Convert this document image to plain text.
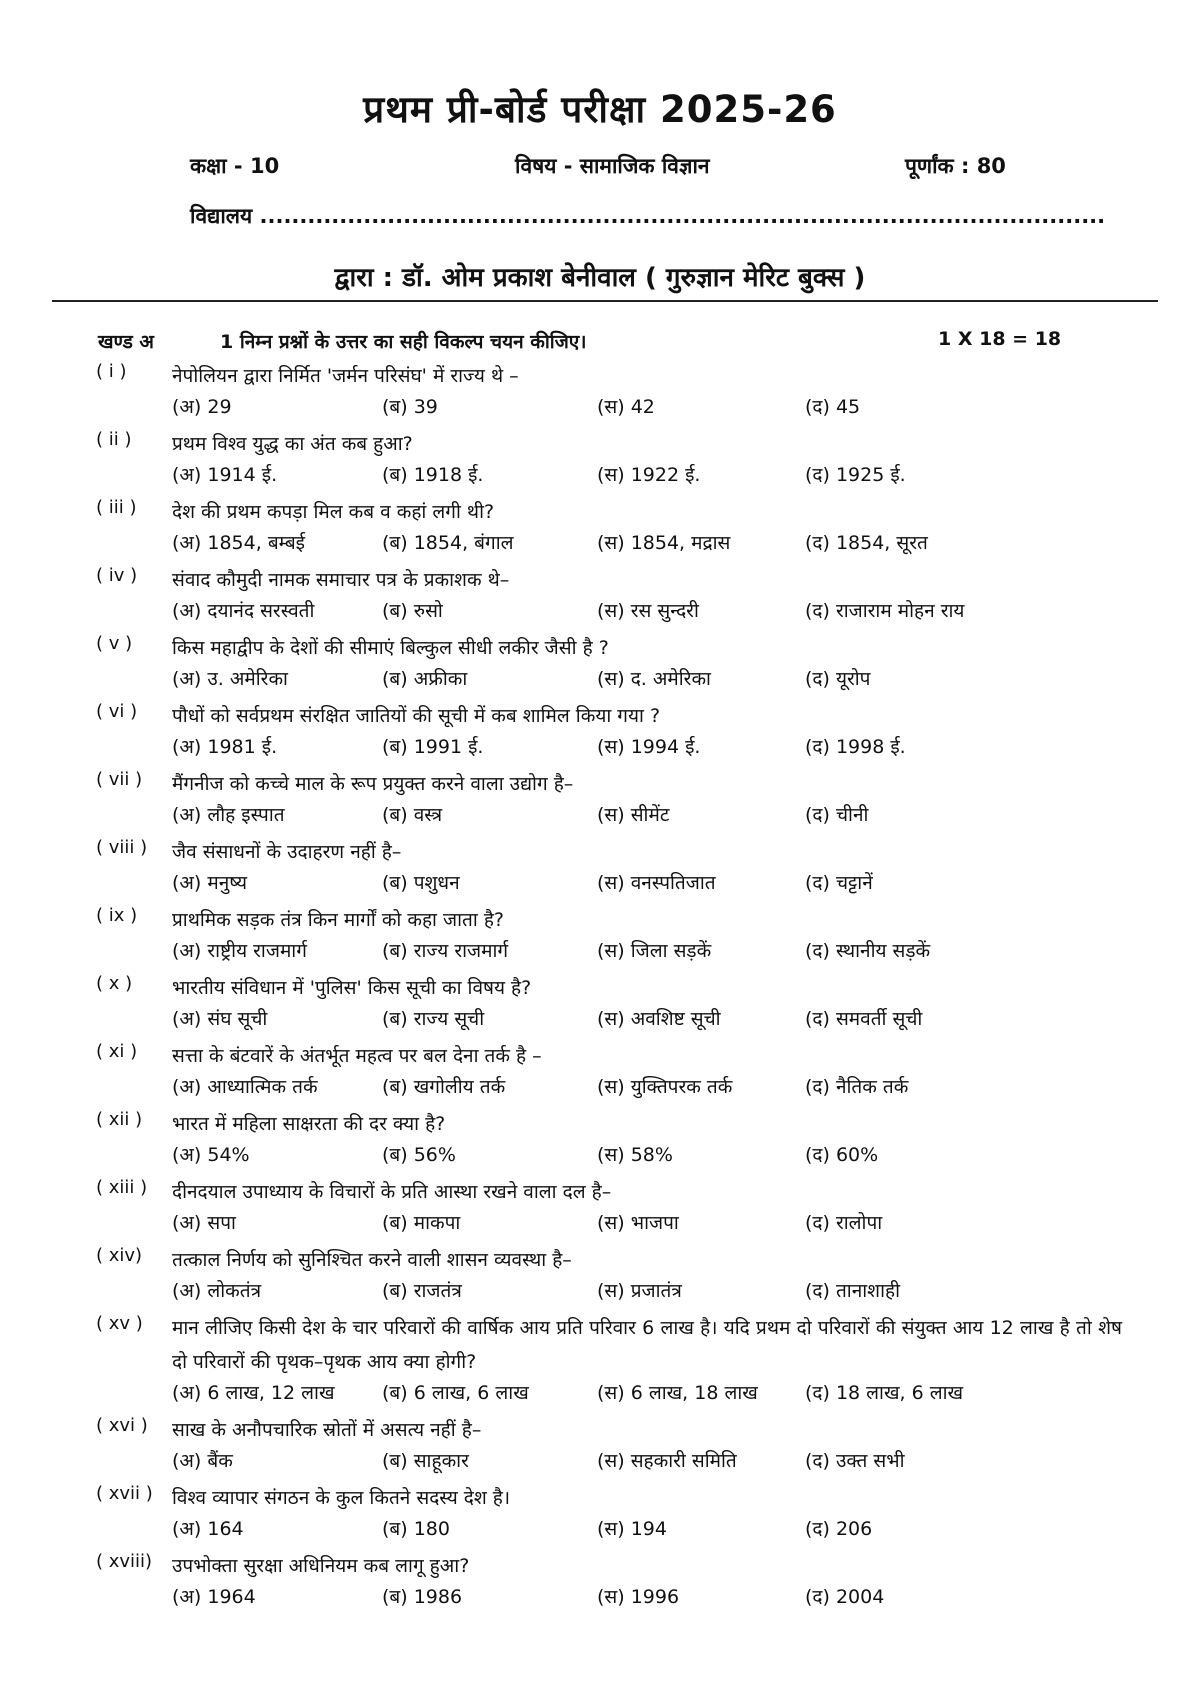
प्रथम प्री-बोर्ड परीक्षा 2025-26
कक्षा - 10	विषय - सामाजिक विज्ञान	पूर्णांक : 80
विद्यालय ..........................................................................................................
द्वारा : डॉ. ओम प्रकाश बेनीवाल ( गुरुज्ञान मेरिट बुक्स )
खण्ड अ	1 निम्न प्रश्नों के उत्तर का सही विकल्प चयन कीजिए।	1 X 18 = 18
( i ) नेपोलियन द्वारा निर्मित 'जर्मन परिसंघ' में राज्य थे –
(अ) 29	(ब) 39	(स) 42	(द) 45
( ii ) प्रथम विश्व युद्ध का अंत कब हुआ?
(अ) 1914 ई.	(ब) 1918 ई.	(स) 1922 ई.	(द) 1925 ई.
( iii ) देश की प्रथम कपड़ा मिल कब व कहां लगी थी?
(अ) 1854, बम्बई	(ब) 1854, बंगाल	(स) 1854, मद्रास	(द) 1854, सूरत
( iv ) संवाद कौमुदी नामक समाचार पत्र के प्रकाशक थे–
(अ) दयानंद सरस्वती	(ब) रुसो	(स) रस सुन्दरी	(द) राजाराम मोहन राय
( v ) किस महाद्वीप के देशों की सीमाएं बिल्कुल सीधी लकीर जैसी है ?
(अ) उ. अमेरिका	(ब) अफ्रीका	(स) द. अमेरिका	(द) यूरोप
( vi ) पौधों को सर्वप्रथम संरक्षित जातियों की सूची में कब शामिल किया गया ?
(अ) 1981 ई.	(ब) 1991 ई.	(स) 1994 ई.	(द) 1998 ई.
( vii ) मैंगनीज को कच्चे माल के रूप प्रयुक्त करने वाला उद्योग है–
(अ) लौह इस्पात	(ब) वस्त्र	(स) सीमेंट	(द) चीनी
( viii ) जैव संसाधनों के उदाहरण नहीं है–
(अ) मनुष्य	(ब) पशुधन	(स) वनस्पतिजात	(द) चट्टानें
( ix ) प्राथमिक सड़क तंत्र किन मार्गों को कहा जाता है?
(अ) राष्ट्रीय राजमार्ग	(ब) राज्य राजमार्ग	(स) जिला सड़कें	(द) स्थानीय सड़कें
( x ) भारतीय संविधान में 'पुलिस' किस सूची का विषय है?
(अ) संघ सूची	(ब) राज्य सूची	(स) अवशिष्ट सूची	(द) समवर्ती सूची
( xi ) सत्ता के बंटवारें के अंतर्भूत महत्व पर बल देना तर्क है –
(अ) आध्यात्मिक तर्क	(ब) खगोलीय तर्क	(स) युक्तिपरक तर्क	(द) नैतिक तर्क
( xii ) भारत में महिला साक्षरता की दर क्या है?
(अ) 54%	(ब) 56%	(स) 58%	(द) 60%
( xiii ) दीनदयाल उपाध्याय के विचारों के प्रति आस्था रखने वाला दल है–
(अ) सपा	(ब) माकपा	(स) भाजपा	(द) रालोपा
( xiv) तत्काल निर्णय को सुनिश्चित करने वाली शासन व्यवस्था है–
(अ) लोकतंत्र	(ब) राजतंत्र	(स) प्रजातंत्र	(द) तानाशाही
( xv ) मान लीजिए किसी देश के चार परिवारों की वार्षिक आय प्रति परिवार 6 लाख है। यदि प्रथम दो परिवारों की संयुक्त आय 12 लाख है तो शेष दो परिवारों की पृथक–पृथक आय क्या होगी?
(अ) 6 लाख, 12 लाख	(ब) 6 लाख, 6 लाख	(स) 6 लाख, 18 लाख (द) 18 लाख, 6 लाख
( xvi ) साख के अनौपचारिक स्रोतों में असत्य नहीं है–
(अ) बैंक	(ब) साहूकार	(स) सहकारी समिति	(द) उक्त सभी
( xvii ) विश्व व्यापार संगठन के कुल कितने सदस्य देश है।
(अ) 164	(ब) 180	(स) 194	(द) 206
( xviii) उपभोक्ता सुरक्षा अधिनियम कब लागू हुआ?
(अ) 1964	(ब) 1986	(स) 1996	(द) 2004
